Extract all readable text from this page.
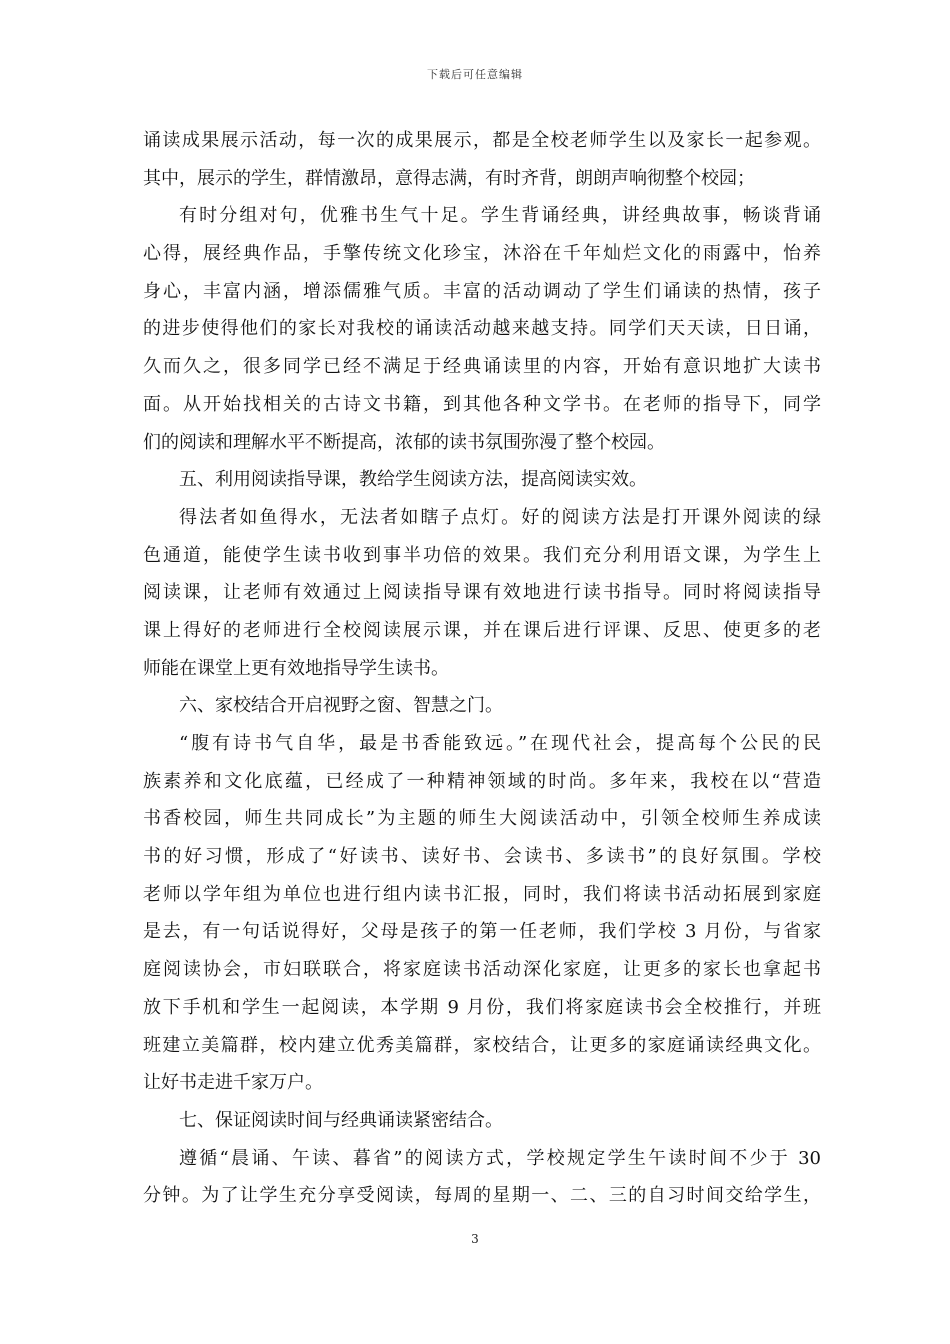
下载后可任意编辑
诵读成果展示活动，每一次的成果展示，都是全校老师学生以及家长一起参观。
其中，展示的学生，群情激昂，意得志满，有时齐背，朗朗声响彻整个校园；
有时分组对句，优雅书生气十足。学生背诵经典，讲经典故事，畅谈背诵
心得，展经典作品，手擎传统文化珍宝，沐浴在千年灿烂文化的雨露中，怡养
身心，丰富内涵，增添儒雅气质。丰富的活动调动了学生们诵读的热情，孩子
的进步使得他们的家长对我校的诵读活动越来越支持。同学们天天读，日日诵，
久而久之，很多同学已经不满足于经典诵读里的内容，开始有意识地扩大读书
面。从开始找相关的古诗文书籍，到其他各种文学书。在老师的指导下，同学
们的阅读和理解水平不断提高，浓郁的读书氛围弥漫了整个校园。
五、利用阅读指导课，教给学生阅读方法，提高阅读实效。
得法者如鱼得水，无法者如瞎子点灯。好的阅读方法是打开课外阅读的绿
色通道，能使学生读书收到事半功倍的效果。我们充分利用语文课，为学生上
阅读课，让老师有效通过上阅读指导课有效地进行读书指导。同时将阅读指导
课上得好的老师进行全校阅读展示课，并在课后进行评课、反思、使更多的老
师能在课堂上更有效地指导学生读书。
六、家校结合开启视野之窗、智慧之门。
“腹有诗书气自华，最是书香能致远。”在现代社会，提高每个公民的民
族素养和文化底蕴，已经成了一种精神领域的时尚。多年来，我校在以“营造
书香校园，师生共同成长”为主题的师生大阅读活动中，引领全校师生养成读
书的好习惯，形成了“好读书、读好书、会读书、多读书”的良好氛围。学校
老师以学年组为单位也进行组内读书汇报，同时，我们将读书活动拓展到家庭
是去，有一句话说得好，父母是孩子的第一任老师，我们学校 3 月份，与省家
庭阅读协会，市妇联联合，将家庭读书活动深化家庭，让更多的家长也拿起书
放下手机和学生一起阅读，本学期 9 月份，我们将家庭读书会全校推行，并班
班建立美篇群，校内建立优秀美篇群，家校结合，让更多的家庭诵读经典文化。
让好书走进千家万户。
七、保证阅读时间与经典诵读紧密结合。
遵循“晨诵、午读、暮省”的阅读方式，学校规定学生午读时间不少于 30
分钟。为了让学生充分享受阅读，每周的星期一、二、三的自习时间交给学生，
3
